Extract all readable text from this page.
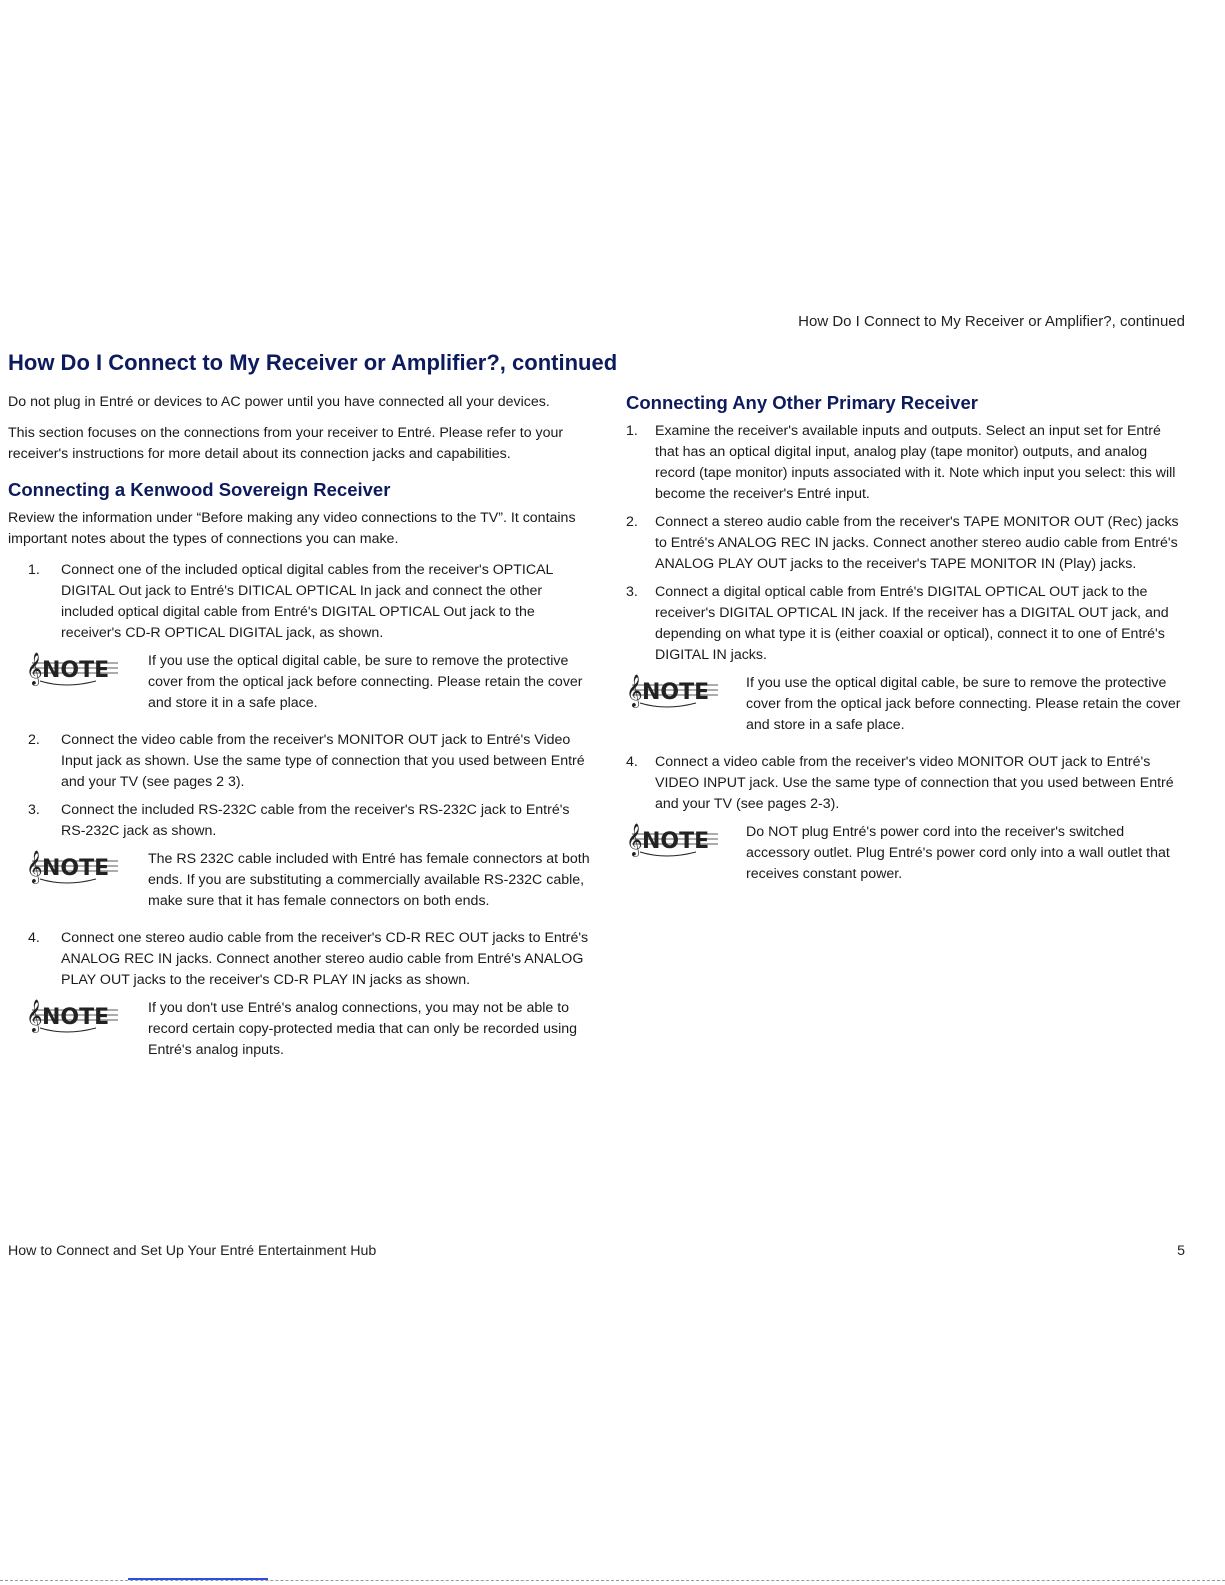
How Do I Connect to My Receiver or Amplifier?, continued
How Do I Connect to My Receiver or Amplifier?, continued

Do not plug in Entré or devices to AC power until you have connected all your devices.

This section focuses on the connections from your receiver to Entré. Please refer to your receiver's instructions for more detail about its connection jacks and capabilities.

Connecting a Kenwood Sovereign Receiver

Review the information under “Before making any video connections to the TV”. It contains important notes about the types of connections you can make.

1. Connect one of the included optical digital cables from the receiver's OPTICAL DIGITAL Out jack to Entré's DITICAL OPTICAL In jack and connect the other included optical digital cable from Entré's DIGITAL OPTICAL Out jack to the receiver's CD-R OPTICAL DIGITAL jack, as shown.
𝄞 NOTE	If you use the optical digital cable, be sure to remove the protective cover from the optical jack before connecting. Please retain the cover and store it in a safe place.
2. Connect the video cable from the receiver's MONITOR OUT jack to Entré's Video Input jack as shown. Use the same type of connection that you used between Entré and your TV (see pages 2 3).
3. Connect the included RS-232C cable from the receiver's RS-232C jack to Entré's RS-232C jack as shown.
𝄞 NOTE	The RS 232C cable included with Entré has female connectors at both ends. If you are substituting a commercially available RS-232C cable, make sure that it has female connectors on both ends.
4. Connect one stereo audio cable from the receiver's CD-R REC OUT jacks to Entré's ANALOG REC IN jacks. Connect another stereo audio cable from Entré's ANALOG PLAY OUT jacks to the receiver's CD-R PLAY IN jacks as shown.
𝄞 NOTE	If you don't use Entré's analog connections, you may not be able to record certain copy-protected media that can only be recorded using Entré's analog inputs.
Connecting Any Other Primary Receiver
1. Examine the receiver's available inputs and outputs. Select an input set for Entré that has an optical digital input, analog play (tape monitor) outputs, and analog record (tape monitor) inputs associated with it. Note which input you select: this will become the receiver's Entré input.
2. Connect a stereo audio cable from the receiver's TAPE MONITOR OUT (Rec) jacks to Entré's ANALOG REC IN jacks. Connect another stereo audio cable from Entré's ANALOG PLAY OUT jacks to the receiver's TAPE MONITOR IN (Play) jacks.
3. Connect a digital optical cable from Entré's DIGITAL OPTICAL OUT jack to the receiver's DIGITAL OPTICAL IN jack. If the receiver has a DIGITAL OUT jack, and depending on what type it is (either coaxial or optical), connect it to one of Entré's DIGITAL IN jacks.
𝄞 NOTE	If you use the optical digital cable, be sure to remove the protective cover from the optical jack before connecting. Please retain the cover and store in a safe place.
4. Connect a video cable from the receiver's video MONITOR OUT jack to Entré's VIDEO INPUT jack. Use the same type of connection that you used between Entré and your TV (see pages 2-3).
𝄞 NOTE	Do NOT plug Entré's power cord into the receiver's switched accessory outlet. Plug Entré's power cord only into a wall outlet that receives constant power.
How to Connect and Set Up Your Entré Entertainment Hub	5
